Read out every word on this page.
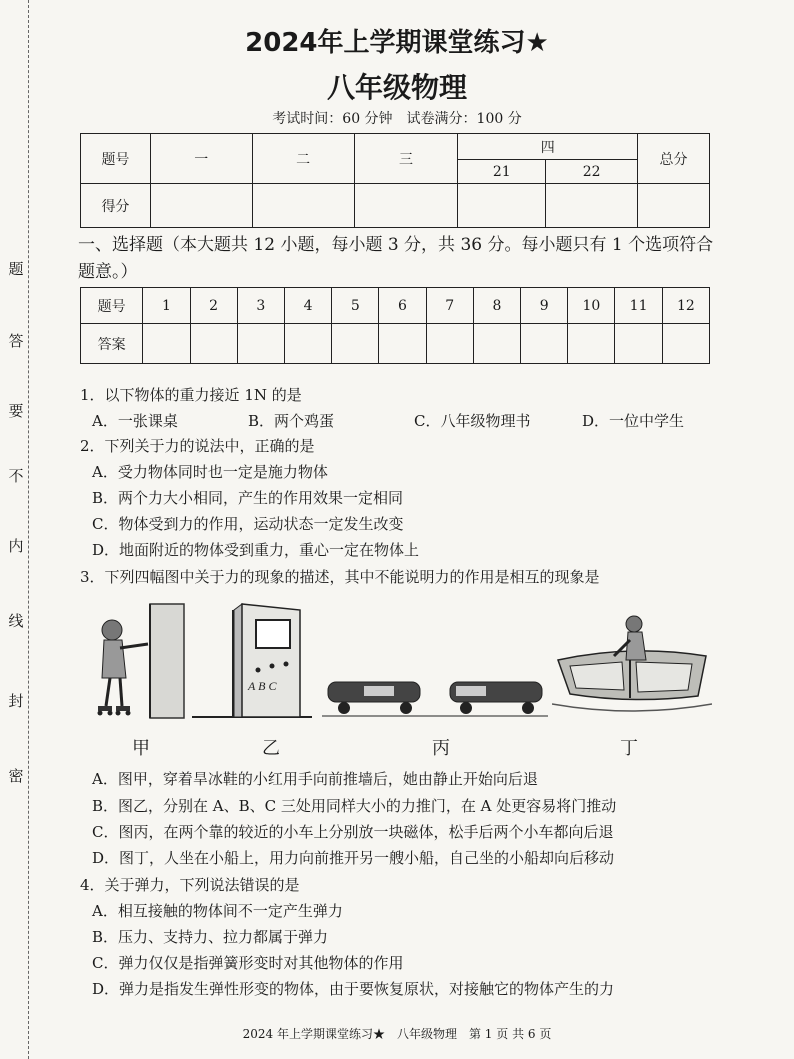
题
答
要
不
内
线
封
密
2024年上学期课堂练习★
八年级物理
考试时间：60 分钟　试卷满分：100 分
题号	一	二	三	四		总分
				21	22	
得分						
一、选择题（本大题共 12 小题，每小题 3 分，共 36 分。每小题只有 1 个选项符合题意。）
题号	1	2	3	4	5	6	7	8	9	10	11	12
答案												
1．以下物体的重力接近 1N 的是
A．一张课桌	B．两个鸡蛋	C．八年级物理书	D．一位中学生
2．下列关于力的说法中，正确的是
A．受力物体同时也一定是施力物体
B．两个力大小相同，产生的作用效果一定相同
C．物体受到力的作用，运动状态一定发生改变
D．地面附近的物体受到重力，重心一定在物体上
3．下列四幅图中关于力的现象的描述，其中不能说明力的作用是相互的现象是
A B C
甲	乙	丙	丁
A．图甲，穿着旱冰鞋的小红用手向前推墙后，她由静止开始向后退
B．图乙，分别在 A、B、C 三处用同样大小的力推门，在 A 处更容易将门推动
C．图丙，在两个靠的较近的小车上分别放一块磁体，松手后两个小车都向后退
D．图丁，人坐在小船上，用力向前推开另一艘小船，自己坐的小船却向后移动
4．关于弹力，下列说法错误的是
A．相互接触的物体间不一定产生弹力
B．压力、支持力、拉力都属于弹力
C．弹力仅仅是指弹簧形变时对其他物体的作用
D．弹力是指发生弹性形变的物体，由于要恢复原状，对接触它的物体产生的力
2024 年上学期课堂练习★　八年级物理　第 1 页 共 6 页
